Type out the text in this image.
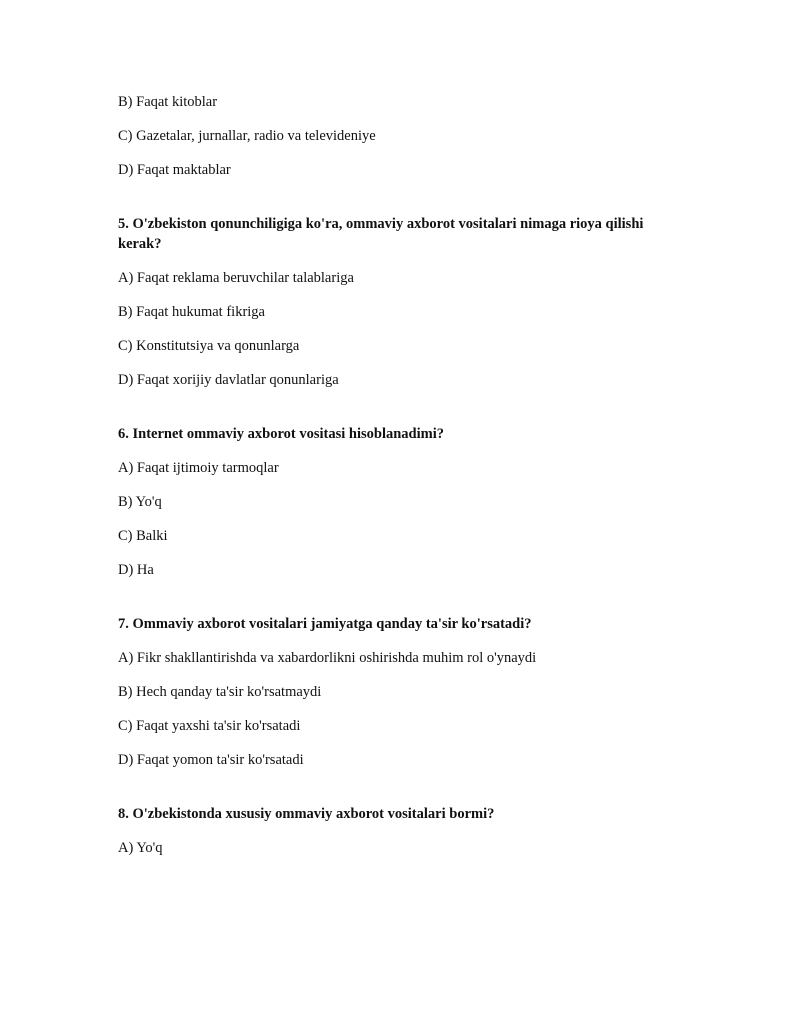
B) Faqat kitoblar
C) Gazetalar, jurnallar, radio va televideniye
D) Faqat maktablar
5. O'zbekiston qonunchiligiga ko'ra, ommaviy axborot vositalari nimaga rioya qilishi kerak?
A) Faqat reklama beruvchilar talablariga
B) Faqat hukumat fikriga
C) Konstitutsiya va qonunlarga
D) Faqat xorijiy davlatlar qonunlariga
6. Internet ommaviy axborot vositasi hisoblanadimi?
A) Faqat ijtimoiy tarmoqlar
B) Yo'q
C) Balki
D) Ha
7. Ommaviy axborot vositalari jamiyatga qanday ta'sir ko'rsatadi?
A) Fikr shakllantirishda va xabardorlikni oshirishda muhim rol o'ynaydi
B) Hech qanday ta'sir ko'rsatmaydi
C) Faqat yaxshi ta'sir ko'rsatadi
D) Faqat yomon ta'sir ko'rsatadi
8. O'zbekistonda xususiy ommaviy axborot vositalari bormi?
A) Yo'q
